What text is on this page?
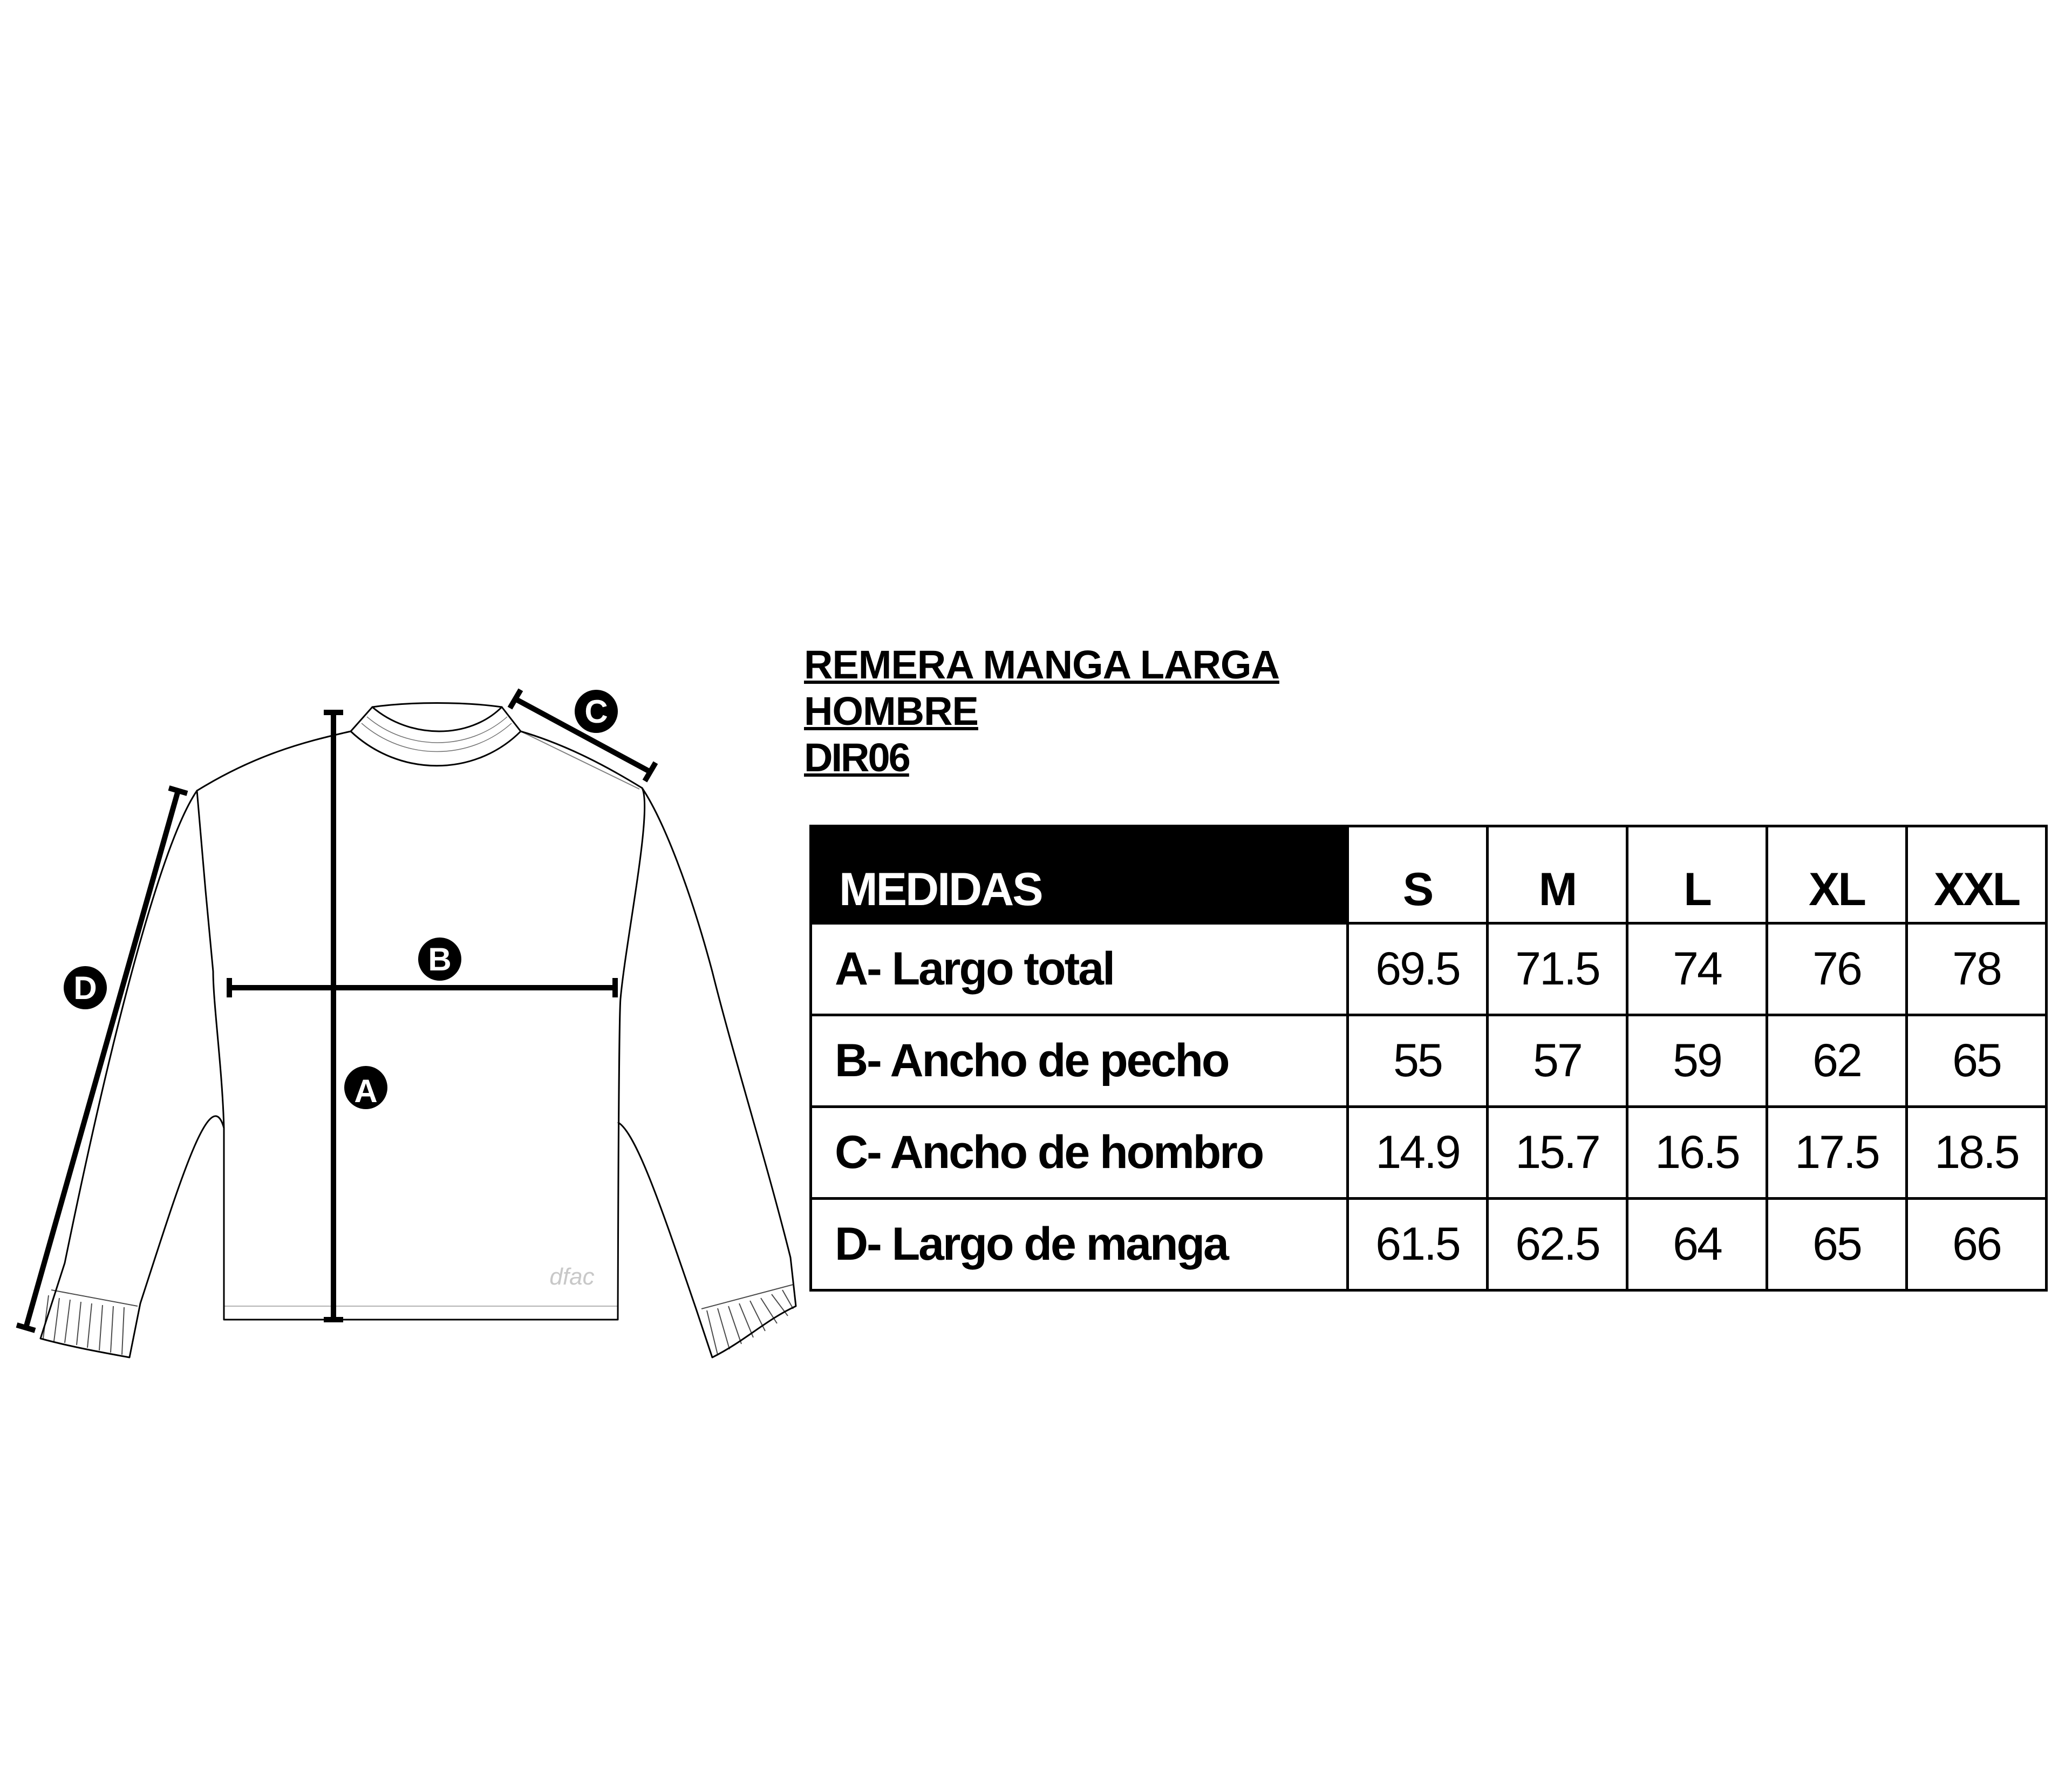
A
B
C
D
dfac
REMERA MANGA LARGA
HOMBRE
DIR06
MEDIDAS	S	M	L	XL	XXL
A- Largo total	69.5	71.5	74	76	78
B- Ancho de pecho	55	57	59	62	65
C- Ancho de hombro	14.9	15.7	16.5	17.5	18.5
D- Largo de manga	61.5	62.5	64	65	66
